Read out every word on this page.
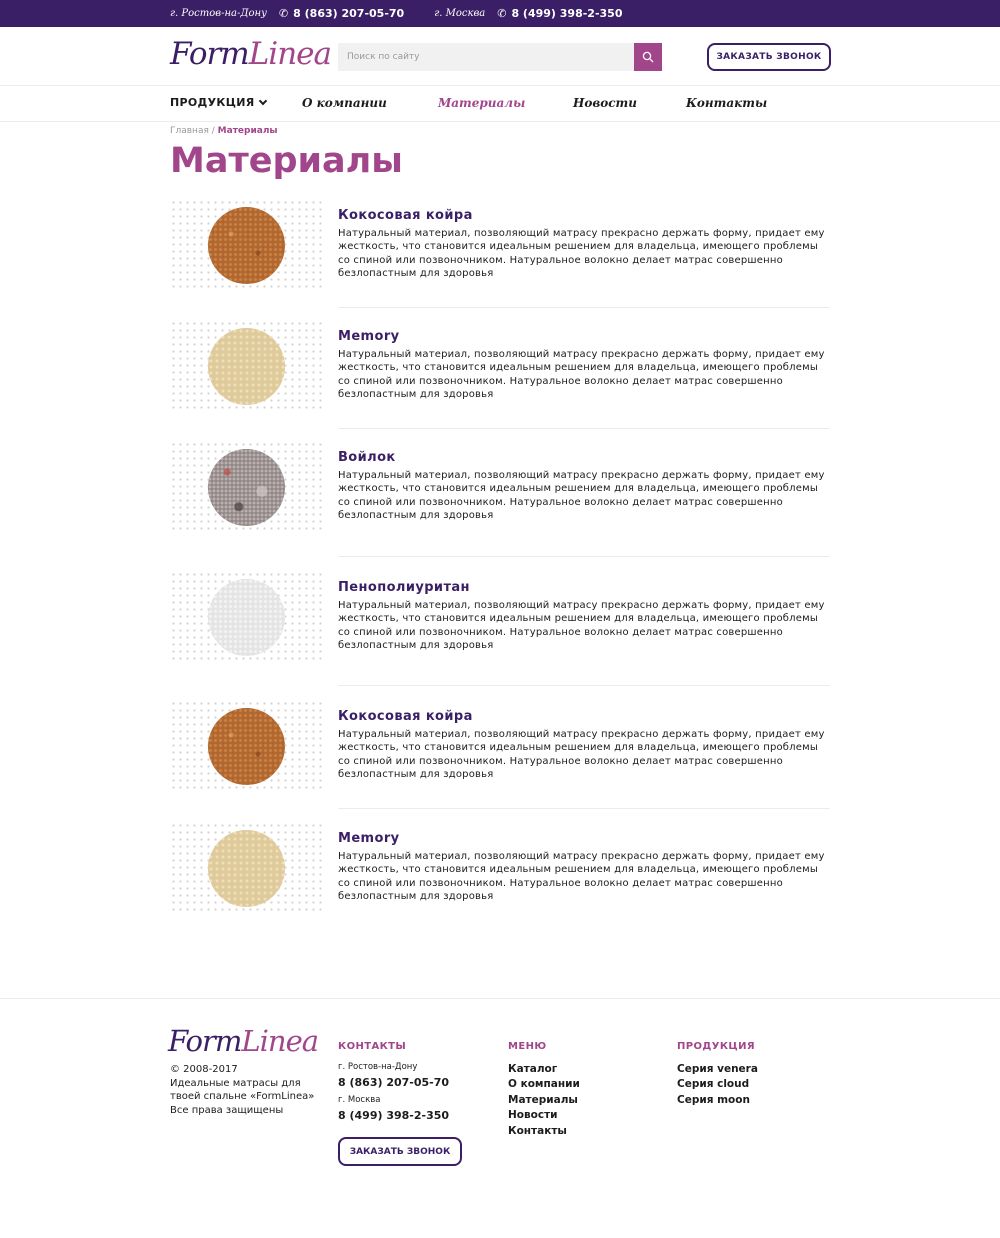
г. Ростов-на-Дону ✆ 8 (863) 207-05-70	г. Москва ✆ 8 (499) 398-2-350
FormLinea
Поиск по сайту	ЗАКАЗАТЬ ЗВОНОК
ПРОДУКЦИЯ	О компании	Материалы	Новости	Контакты
Главная / Материалы
Материалы
Кокосовая койра

Натуральный материал, позволяющий матрасу прекрасно держать форму, придает ему жесткость, что становится идеальным решением для владельца, имеющего проблемы со спиной или позвоночником. Натуральное волокно делает матрас совершенно безлопастным для здоровья

Memory

Натуральный материал, позволяющий матрасу прекрасно держать форму, придает ему жесткость, что становится идеальным решением для владельца, имеющего проблемы со спиной или позвоночником. Натуральное волокно делает матрас совершенно безлопастным для здоровья

Войлок

Натуральный материал, позволяющий матрасу прекрасно держать форму, придает ему жесткость, что становится идеальным решением для владельца, имеющего проблемы со спиной или позвоночником. Натуральное волокно делает матрас совершенно безлопастным для здоровья

Пенополиуритан

Натуральный материал, позволяющий матрасу прекрасно держать форму, придает ему жесткость, что становится идеальным решением для владельца, имеющего проблемы со спиной или позвоночником. Натуральное волокно делает матрас совершенно безлопастным для здоровья

Кокосовая койра

Натуральный материал, позволяющий матрасу прекрасно держать форму, придает ему жесткость, что становится идеальным решением для владельца, имеющего проблемы со спиной или позвоночником. Натуральное волокно делает матрас совершенно безлопастным для здоровья

Memory

Натуральный материал, позволяющий матрасу прекрасно держать форму, придает ему жесткость, что становится идеальным решением для владельца, имеющего проблемы со спиной или позвоночником. Натуральное волокно делает матрас совершенно безлопастным для здоровья

FormLinea
© 2008-2017
Идеальные матрасы для твоей спальне «FormLinea»
Все права защищены
КОНТАКТЫ
г. Ростов-на-Дону
8 (863) 207-05-70
г. Москва
8 (499) 398-2-350
ЗАКАЗАТЬ ЗВОНОК
МЕНЮ
Каталог
О компании
Материалы
Новости
Контакты
ПРОДУКЦИЯ
Серия venera
Серия cloud
Серия moon
